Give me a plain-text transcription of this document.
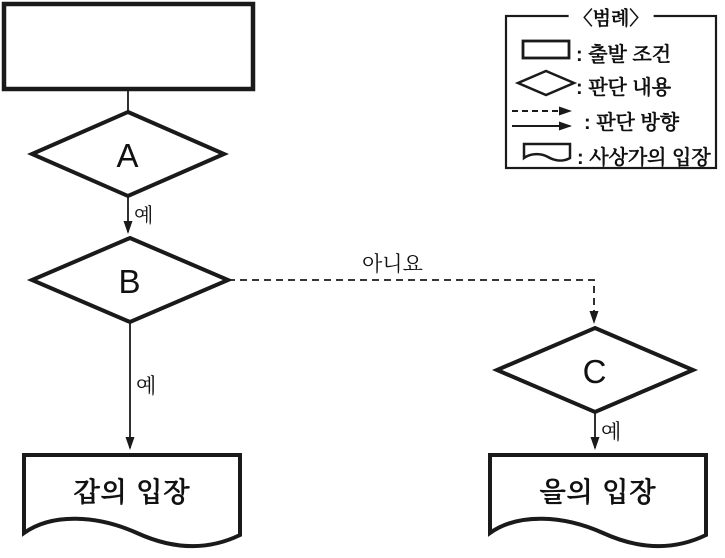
A
B
C
예
예
아니요
예
갑의 입장	을의 입장
〈범례〉
: 출발 조건
: 판단 내용
: 판단 방향
: 사상가의 입장
